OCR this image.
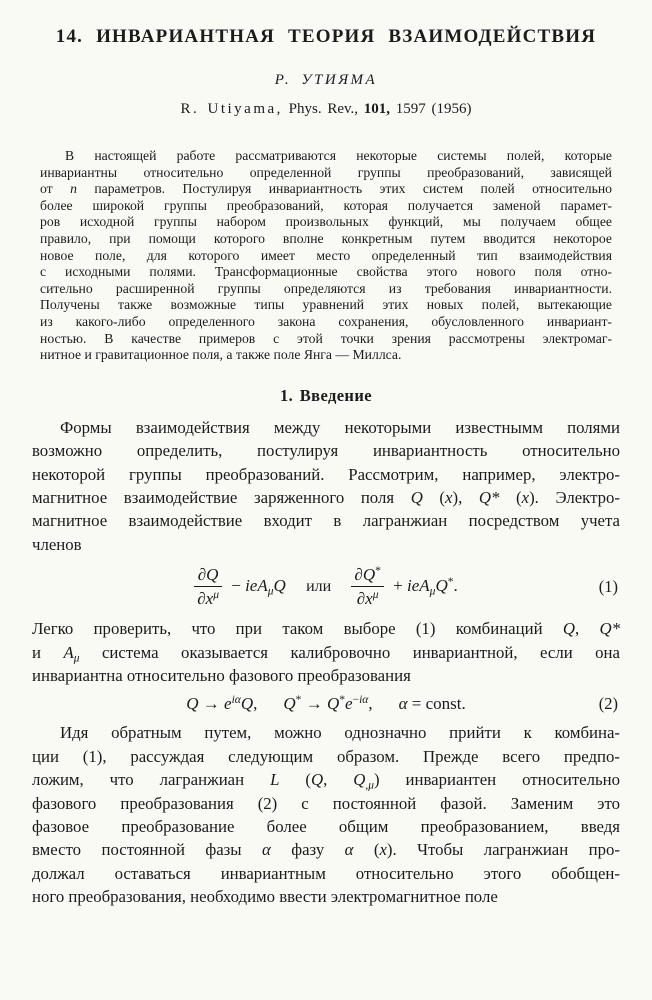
14. ИНВАРИАНТНАЯ ТЕОРИЯ ВЗАИМОДЕЙСТВИЯ
Р. УТИЯМА
R. Utiyama, Phys. Rev., 101, 1597 (1956)
В настоящей работе рассматриваются некоторые системы полей, которые
инвариантны относительно определенной группы преобразований, зависящей
от n параметров. Постулируя инвариантность этих систем полей относительно
более широкой группы преобразований, которая получается заменой парамет-
ров исходной группы набором произвольных функций, мы получаем общее
правило, при помощи которого вполне конкретным путем вводится некоторое
новое поле, для которого имеет место определенный тип взаимодействия
с исходными полями. Трансформационные свойства этого нового поля отно-
сительно расширенной группы определяются из требования инвариантности.
Получены также возможные типы уравнений этих новых полей, вытекающие
из какого-либо определенного закона сохранения, обусловленного инвариант-
ностью. В качестве примеров с этой точки зрения рассмотрены электромаг-
нитное и гравитационное поля, а также поле Янга — Миллса.
1. Введение
Формы взаимодействия между некоторыми известнымм полями
возможно определить, постулируя инвариантность относительно
некоторой группы преобразований. Рассмотрим, например, электро-
магнитное взаимодействие заряженного поля Q (x), Q* (x). Электро-
магнитное взаимодействие входит в лагранжиан посредством учета
членов
$\frac{\partial Q}{\partial x^\mu} - ieA_\mu Q$ или $\frac{\partial Q^*}{\partial x^\mu} + ieA_\mu Q^*$.	(1)
Легко проверить, что при таком выборе (1) комбинаций Q, Q*
и $A_\mu$ система оказывается калибровочно инвариантной, если она
инвариантна относительно фазового преобразования
$Q \to e^{i\alpha}Q$, $Q^* \to Q^*e^{-i\alpha}$, α = const.	(2)
Идя обратным путем, можно однозначно прийти к комбина-
ции (1), рассуждая следующим образом. Прежде всего предпо-
ложим, что лагранжиан L (Q, $Q_{,\mu}$) инвариантен относительно
фазового преобразования (2) с постоянной фазой. Заменим это
фазовое преобразование более общим преобразованием, введя
вместо постоянной фазы α фазу α (x). Чтобы лагранжиан про-
должал оставаться инвариантным относительно этого обобщен-
ного преобразования, необходимо ввести электромагнитное поле
